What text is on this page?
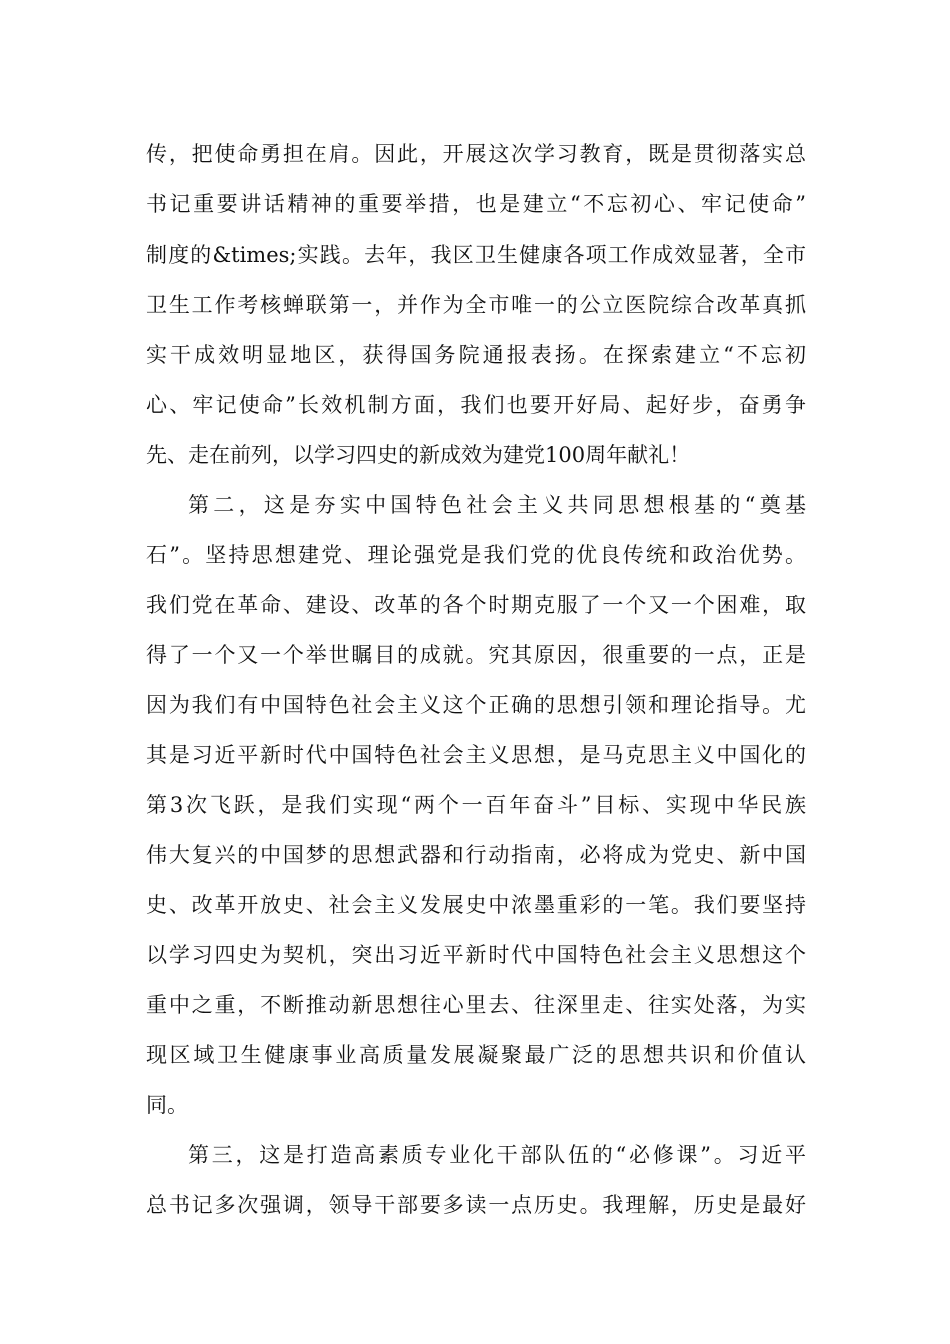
传，把使命勇担在肩。因此，开展这次学习教育，既是贯彻落实总
书记重要讲话精神的重要举措，也是建立“不忘初心、牢记使命”
制度的&times;实践。去年，我区卫生健康各项工作成效显著，全市
卫生工作考核蝉联第一，并作为全市唯一的公立医院综合改革真抓
实干成效明显地区，获得国务院通报表扬。在探索建立“不忘初
心、牢记使命”长效机制方面，我们也要开好局、起好步，奋勇争
先、走在前列，以学习四史的新成效为建党100周年献礼！
第二，这是夯实中国特色社会主义共同思想根基的“奠基
石”。坚持思想建党、理论强党是我们党的优良传统和政治优势。
我们党在革命、建设、改革的各个时期克服了一个又一个困难，取
得了一个又一个举世瞩目的成就。究其原因，很重要的一点，正是
因为我们有中国特色社会主义这个正确的思想引领和理论指导。尤
其是习近平新时代中国特色社会主义思想，是马克思主义中国化的
第3次飞跃，是我们实现“两个一百年奋斗”目标、实现中华民族
伟大复兴的中国梦的思想武器和行动指南，必将成为党史、新中国
史、改革开放史、社会主义发展史中浓墨重彩的一笔。我们要坚持
以学习四史为契机，突出习近平新时代中国特色社会主义思想这个
重中之重，不断推动新思想往心里去、往深里走、往实处落，为实
现区域卫生健康事业高质量发展凝聚最广泛的思想共识和价值认
同。
第三，这是打造高素质专业化干部队伍的“必修课”。习近平
总书记多次强调，领导干部要多读一点历史。我理解，历史是最好
